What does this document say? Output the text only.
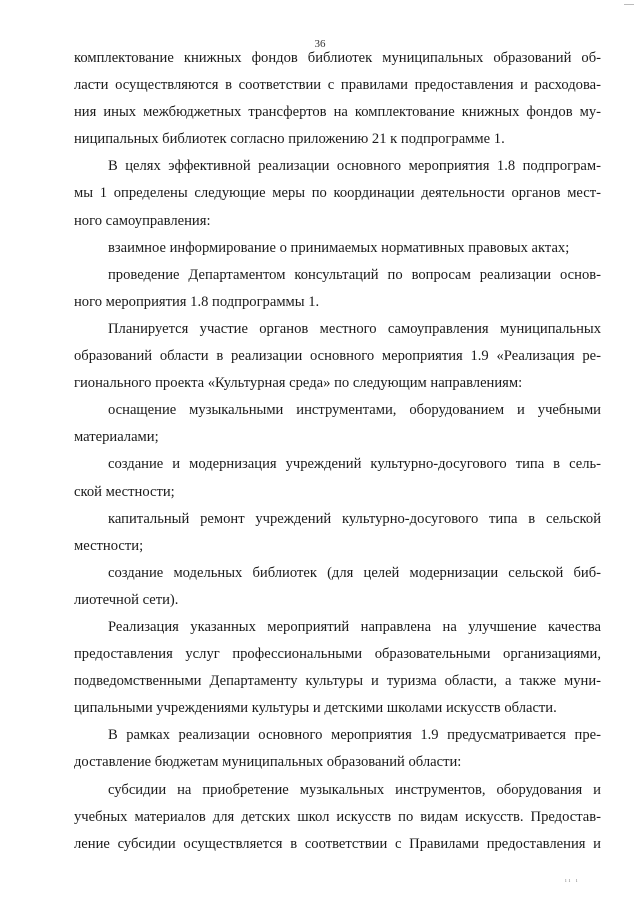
36

комплектование книжных фондов библиотек муниципальных образований об-
ласти осуществляются в соответствии с правилами предоставления и расходова-
ния иных межбюджетных трансфертов на комплектование книжных фондов му-
ниципальных библиотек согласно приложению 21 к подпрограмме 1.

В целях эффективной реализации основного мероприятия 1.8 подпрограм-
мы 1 определены следующие меры по координации деятельности органов мест-
ного самоуправления:

взаимное информирование о принимаемых нормативных правовых актах;

проведение Департаментом консультаций по вопросам реализации основ-
ного мероприятия 1.8 подпрограммы 1.

Планируется участие органов местного самоуправления муниципальных
образований области в реализации основного мероприятия 1.9 «Реализация ре-
гионального проекта «Культурная среда» по следующим направлениям:

оснащение музыкальными инструментами, оборудованием и учебными
материалами;

создание и модернизация учреждений культурно-досугового типа в сель-
ской местности;

капитальный ремонт учреждений культурно-досугового типа в сельской
местности;

создание модельных библиотек (для целей модернизации сельской биб-
лиотечной сети).

Реализация указанных мероприятий направлена на улучшение качества
предоставления услуг профессиональными образовательными организациями,
подведомственными Департаменту культуры и туризма области, а также муни-
ципальными учреждениями культуры и детскими школами искусств области.

В рамках реализации основного мероприятия 1.9 предусматривается пре-
доставление бюджетам муниципальных образований области:

субсидии на приобретение музыкальных инструментов, оборудования и
учебных материалов для детских школ искусств по видам искусств. Предостав-
ление субсидии осуществляется в соответствии с Правилами предоставления и

ıı ı
